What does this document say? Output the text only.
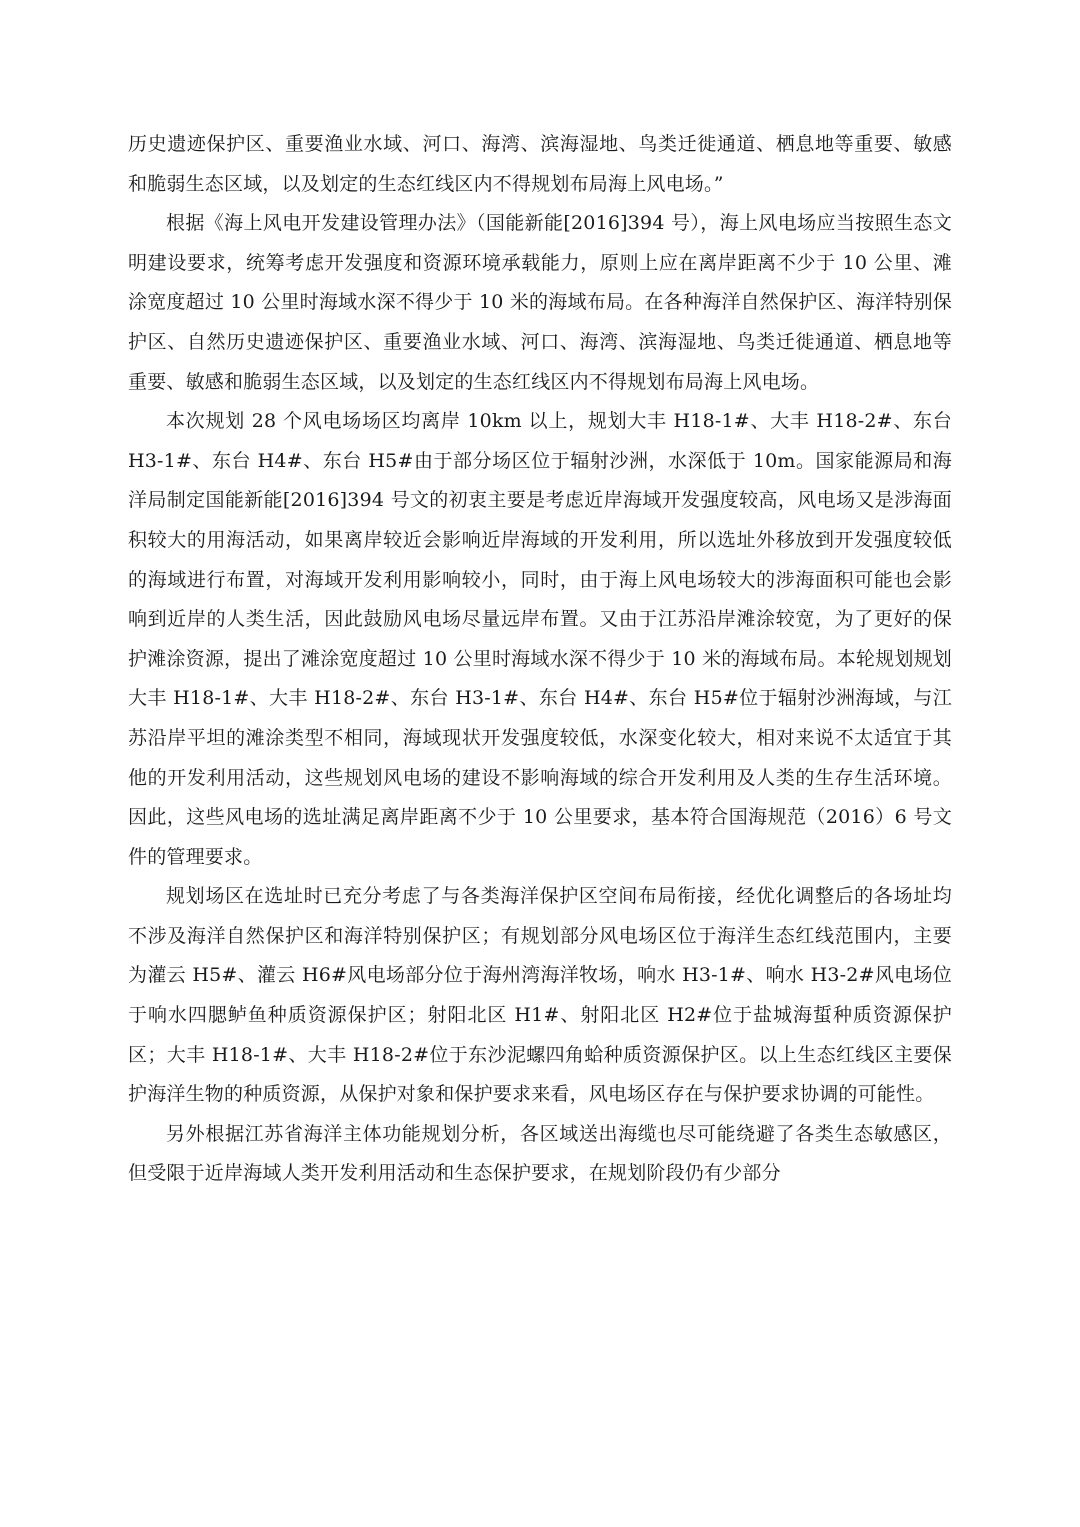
历史遗迹保护区、重要渔业水域、河口、海湾、滨海湿地、鸟类迁徙通道、栖息地等重要、敏感和脆弱生态区域，以及划定的生态红线区内不得规划布局海上风电场。”

根据《海上风电开发建设管理办法》（国能新能[2016]394 号），海上风电场应当按照生态文明建设要求，统筹考虑开发强度和资源环境承载能力，原则上应在离岸距离不少于 10 公里、滩涂宽度超过 10 公里时海域水深不得少于 10 米的海域布局。在各种海洋自然保护区、海洋特别保护区、自然历史遗迹保护区、重要渔业水域、河口、海湾、滨海湿地、鸟类迁徙通道、栖息地等重要、敏感和脆弱生态区域，以及划定的生态红线区内不得规划布局海上风电场。

本次规划 28 个风电场场区均离岸 10km 以上，规划大丰 H18-1#、大丰 H18-2#、东台 H3-1#、东台 H4#、东台 H5#由于部分场区位于辐射沙洲，水深低于 10m。国家能源局和海洋局制定国能新能[2016]394 号文的初衷主要是考虑近岸海域开发强度较高，风电场又是涉海面积较大的用海活动，如果离岸较近会影响近岸海域的开发利用，所以选址外移放到开发强度较低的海域进行布置，对海域开发利用影响较小，同时，由于海上风电场较大的涉海面积可能也会影响到近岸的人类生活，因此鼓励风电场尽量远岸布置。又由于江苏沿岸滩涂较宽，为了更好的保护滩涂资源，提出了滩涂宽度超过 10 公里时海域水深不得少于 10 米的海域布局。本轮规划规划大丰 H18-1#、大丰 H18-2#、东台 H3-1#、东台 H4#、东台 H5#位于辐射沙洲海域，与江苏沿岸平坦的滩涂类型不相同，海域现状开发强度较低，水深变化较大，相对来说不太适宜于其他的开发利用活动，这些规划风电场的建设不影响海域的综合开发利用及人类的生存生活环境。因此，这些风电场的选址满足离岸距离不少于 10 公里要求，基本符合国海规范（2016）6 号文件的管理要求。

规划场区在选址时已充分考虑了与各类海洋保护区空间布局衔接，经优化调整后的各场址均不涉及海洋自然保护区和海洋特别保护区；有规划部分风电场区位于海洋生态红线范围内，主要为灌云 H5#、灌云 H6#风电场部分位于海州湾海洋牧场，响水 H3-1#、响水 H3-2#风电场位于响水四腮鲈鱼种质资源保护区；射阳北区 H1#、射阳北区 H2#位于盐城海蜇种质资源保护区；大丰 H18-1#、大丰 H18-2#位于东沙泥螺四角蛤种质资源保护区。以上生态红线区主要保护海洋生物的种质资源，从保护对象和保护要求来看，风电场区存在与保护要求协调的可能性。

另外根据江苏省海洋主体功能规划分析，各区域送出海缆也尽可能绕避了各类生态敏感区，但受限于近岸海域人类开发利用活动和生态保护要求，在规划阶段仍有少部分
